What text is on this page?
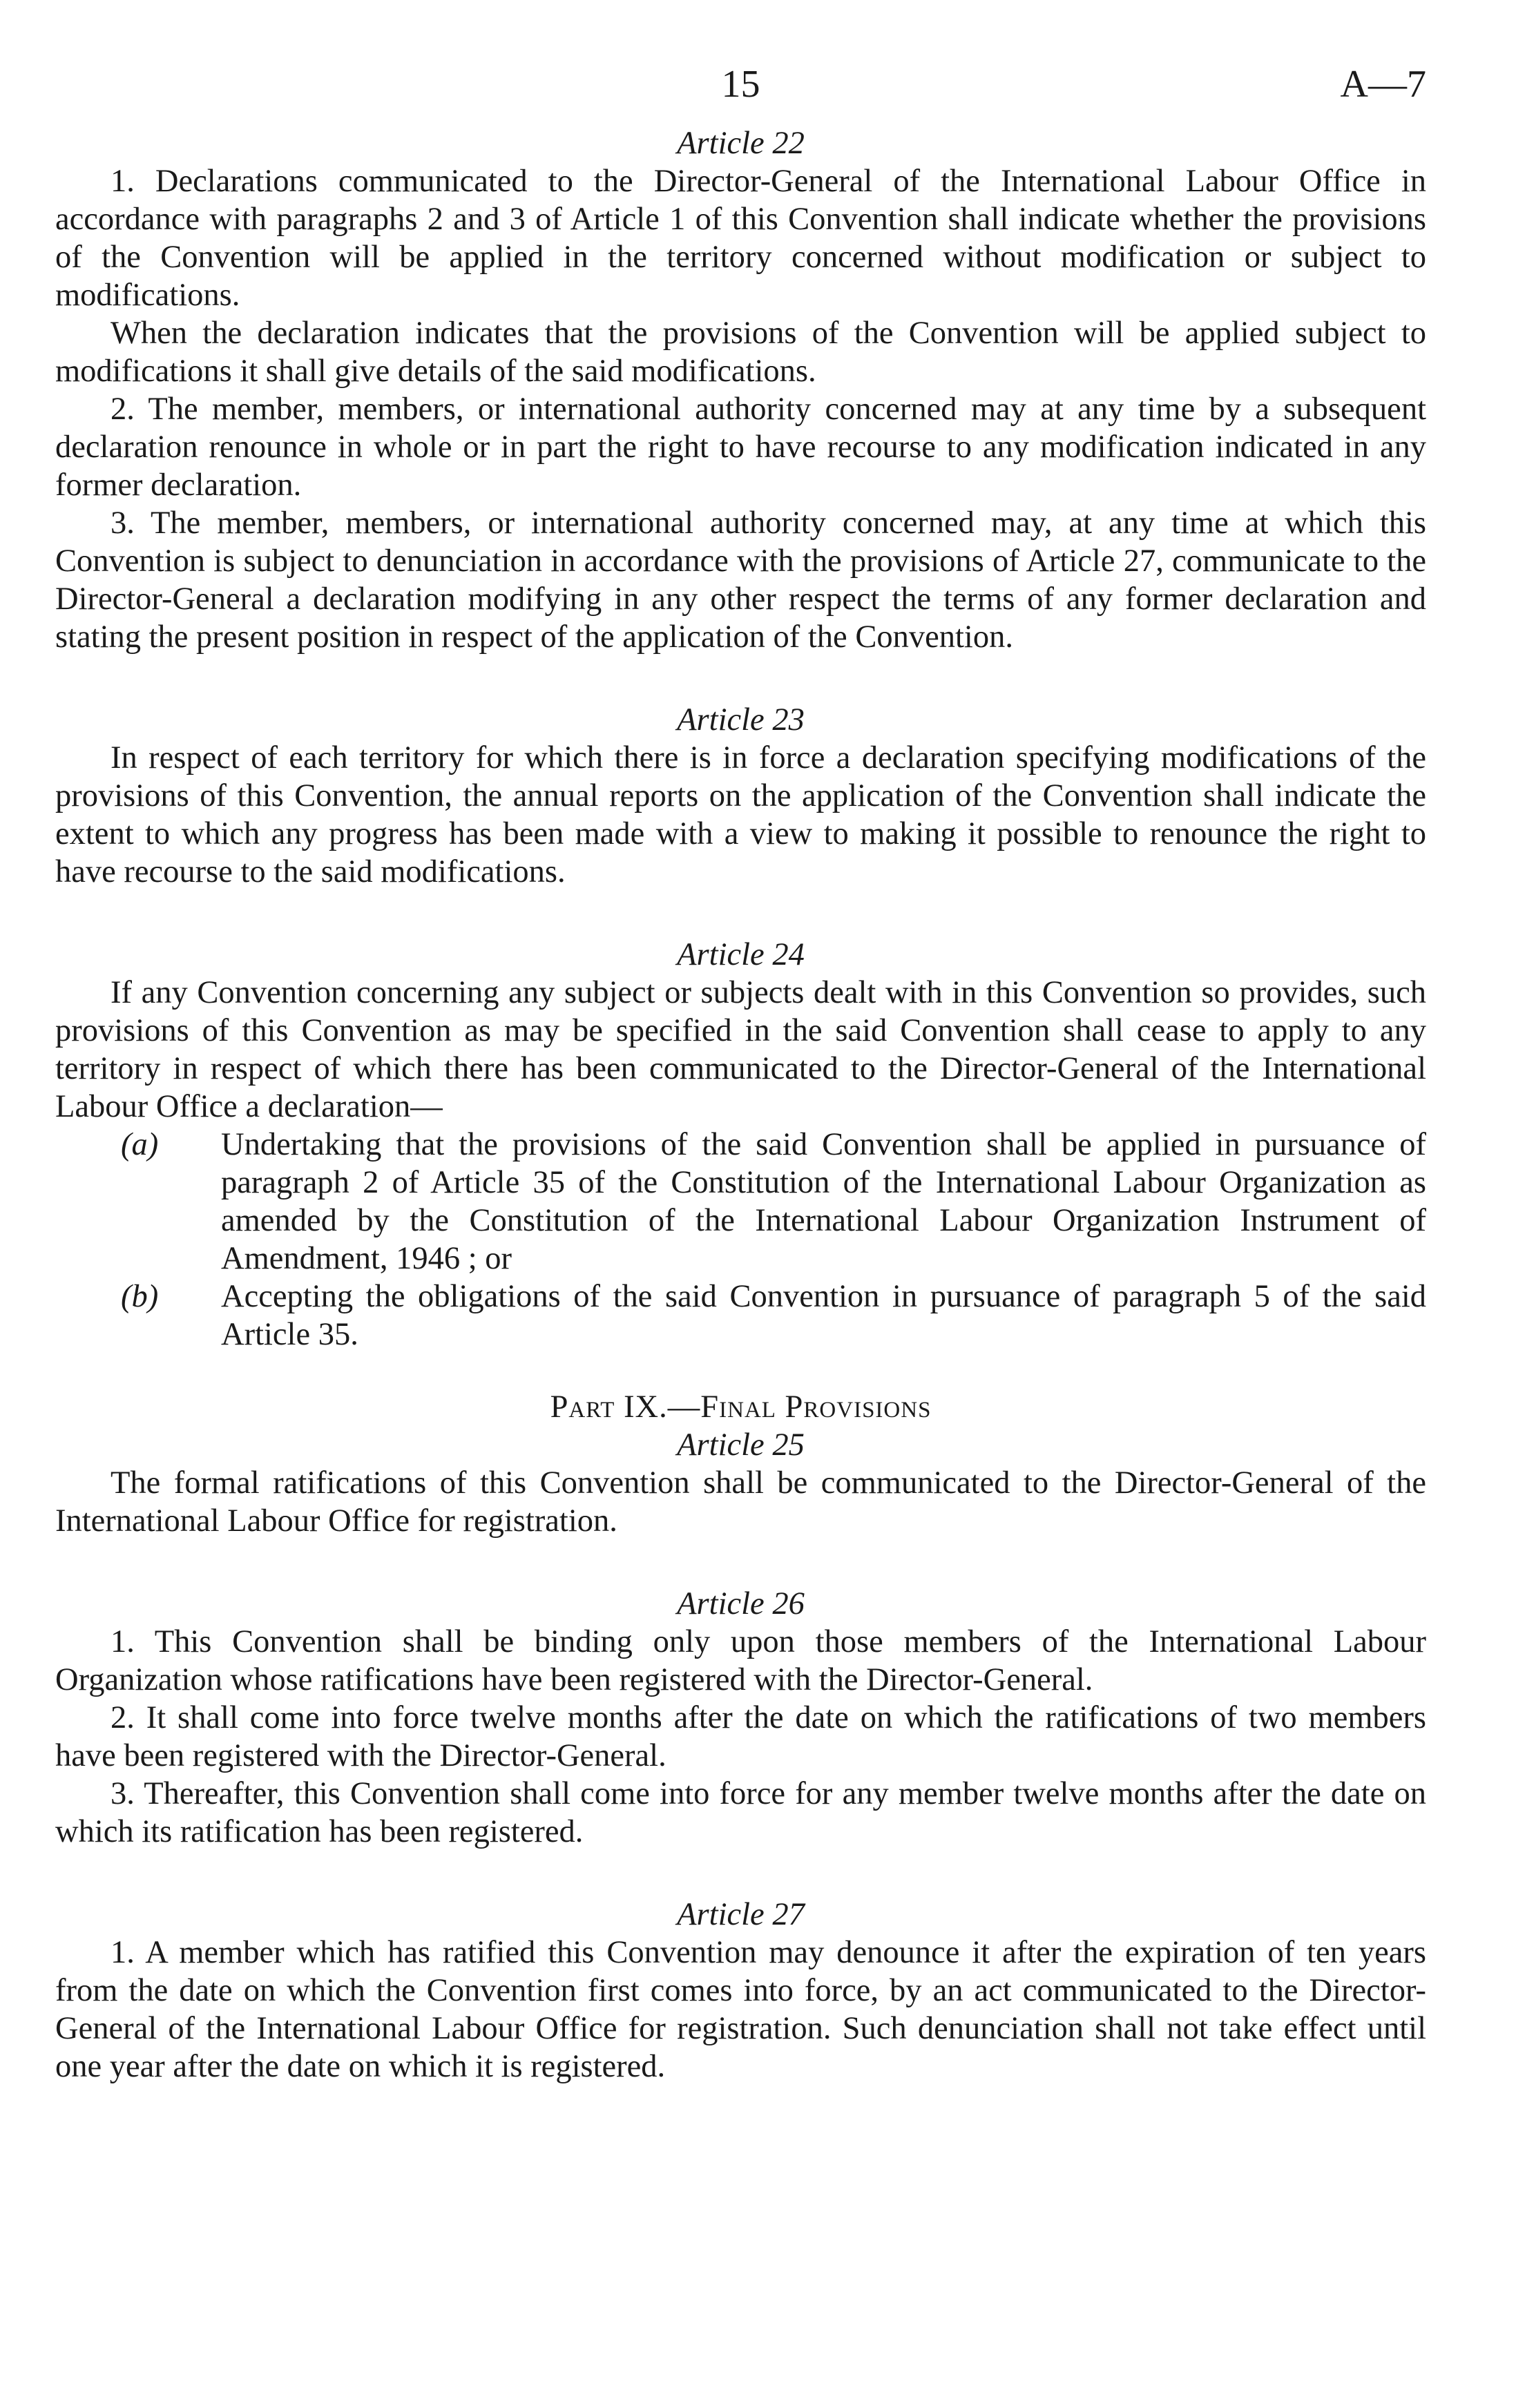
15	A—7
Article 22

1. Declarations communicated to the Director-General of the International Labour Office in accordance with paragraphs 2 and 3 of Article 1 of this Convention shall indicate whether the provisions of the Convention will be applied in the territory concerned without modification or subject to modifications.

When the declaration indicates that the provisions of the Convention will be applied subject to modifications it shall give details of the said modifications.

2. The member, members, or international authority concerned may at any time by a subsequent declaration renounce in whole or in part the right to have recourse to any modification indicated in any former declaration.

3. The member, members, or international authority concerned may, at any time at which this Convention is subject to denunciation in accordance with the provisions of Article 27, communicate to the Director-General a declaration modifying in any other respect the terms of any former declaration and stating the present position in respect of the application of the Convention.

Article 23

In respect of each territory for which there is in force a declaration specifying modifications of the provisions of this Convention, the annual reports on the application of the Convention shall indicate the extent to which any progress has been made with a view to making it possible to renounce the right to have recourse to the said modifications.

Article 24

If any Convention concerning any subject or subjects dealt with in this Convention so provides, such provisions of this Convention as may be specified in the said Convention shall cease to apply to any territory in respect of which there has been communicated to the Director-General of the International Labour Office a declaration—

(a)	Undertaking that the provisions of the said Convention shall be applied in pursuance of paragraph 2 of Article 35 of the Constitution of the International Labour Organization as amended by the Constitution of the International Labour Organization Instrument of Amendment, 1946 ; or

(b)	Accepting the obligations of the said Convention in pursuance of paragraph 5 of the said Article 35.

Part IX.—Final Provisions
Article 25

The formal ratifications of this Convention shall be communicated to the Director-General of the International Labour Office for registration.

Article 26

1. This Convention shall be binding only upon those members of the International Labour Organization whose ratifications have been registered with the Director-General.

2. It shall come into force twelve months after the date on which the ratifications of two members have been registered with the Director-General.

3. Thereafter, this Convention shall come into force for any member twelve months after the date on which its ratification has been registered.

Article 27

1. A member which has ratified this Convention may denounce it after the expiration of ten years from the date on which the Convention first comes into force, by an act communicated to the Director-General of the International Labour Office for registration. Such denunciation shall not take effect until one year after the date on which it is registered.
